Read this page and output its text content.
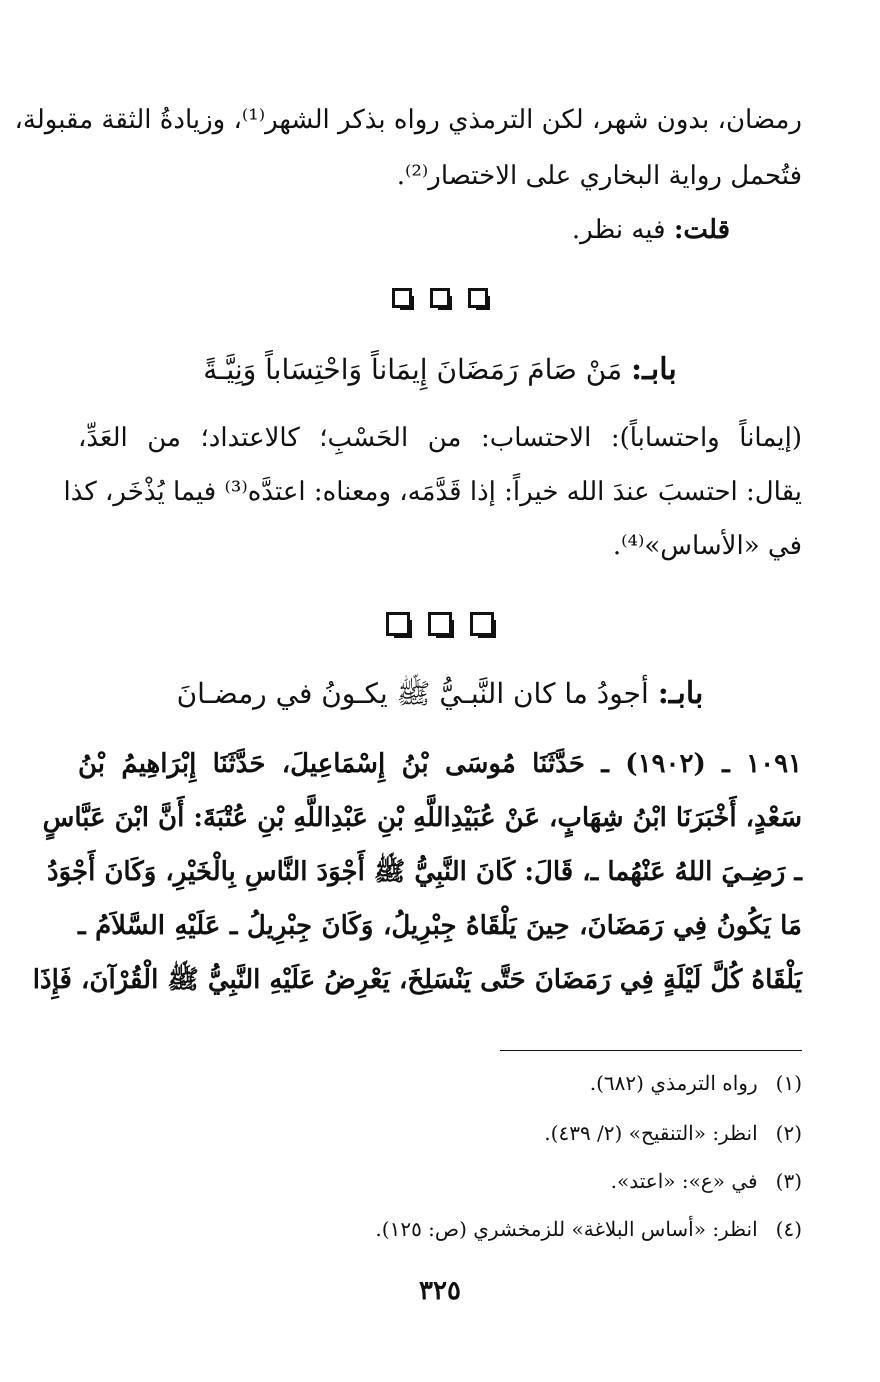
رمضان، بدون شهر، لكن الترمذي رواه بذكر الشهر⁽¹⁾، وزيادةُ الثقة مقبولة،
فتُحمل رواية البخاري على الاختصار⁽²⁾.
قلت: فيه نظر.
بابـ: مَنْ صَامَ رَمَضَانَ إِيمَاناً وَاحْتِسَاباً وَنِيَّـةً
(إيماناً واحتساباً): الاحتساب: من الحَسْبِ؛ كالاعتداد؛ من العَدِّ،
يقال: احتسبَ عندَ الله خيراً: إذا قَدَّمَه، ومعناه: اعتدَّه⁽³⁾ فيما يُذْخَر، كذا
في «الأساس»⁽⁴⁾.
بابـ: أجودُ ما كان النَّبـيُّ ﷺ يكـونُ في رمضـانَ
١٠٩١ ـ (١٩٠٢) ـ حَدَّثَنَا مُوسَى بْنُ إِسْمَاعِيلَ، حَدَّثَنَا إِبْرَاهِيمُ بْنُ
سَعْدٍ، أَخْبَرَنَا ابْنُ شِهَابٍ، عَنْ عُبَيْدِاللَّهِ بْنِ عَبْدِاللَّهِ بْنِ عُتْبَةَ: أَنَّ ابْنَ عَبَّاسٍ
ـ رَضِـيَ اللهُ عَنْهُما ـ، قَالَ: كَانَ النَّبِيُّ ﷺ أَجْوَدَ النَّاسِ بِالْخَيْرِ، وَكَانَ أَجْوَدُ
مَا يَكُونُ فِي رَمَضَانَ، حِينَ يَلْقَاهُ جِبْرِيلُ، وَكَانَ جِبْرِيلُ ـ عَلَيْهِ السَّلاَمُ ـ
يَلْقَاهُ كُلَّ لَيْلَةٍ فِي رَمَضَانَ حَتَّى يَنْسَلِخَ، يَعْرِضُ عَلَيْهِ النَّبِيُّ ﷺ الْقُرْآنَ، فَإِذَا
(١)رواه الترمذي (٦٨٢).
(٢)انظر: «التنقيح» (٢/ ٤٣٩).
(٣)في «ع»: «اعتد».
(٤)انظر: «أساس البلاغة» للزمخشري (ص: ١٢٥).
٣٢٥
